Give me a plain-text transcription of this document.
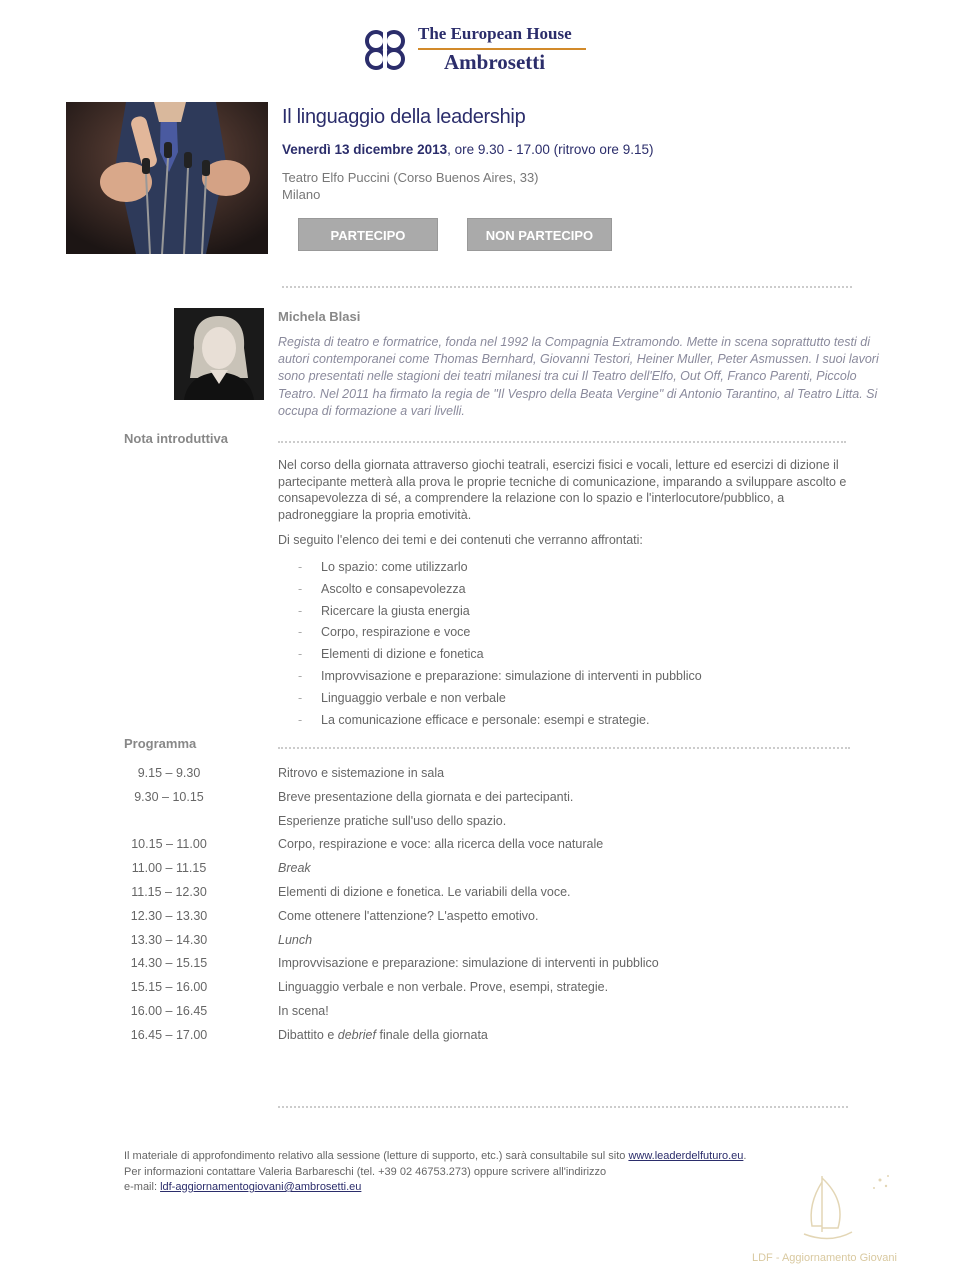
The European House
Ambrosetti
Il linguaggio della leadership
Venerdì 13 dicembre 2013, ore 9.30 - 17.00 (ritrovo ore 9.15)
Teatro Elfo Puccini (Corso Buenos Aires, 33)
Milano
PARTECIPO	NON PARTECIPO
Michela Blasi
Regista di teatro e formatrice, fonda nel 1992 la Compagnia Extramondo. Mette in scena soprattutto testi di autori contemporanei come Thomas Bernhard, Giovanni Testori, Heiner Muller, Peter Asmussen. I suoi lavori sono presentati nelle stagioni dei teatri milanesi tra cui Il Teatro dell'Elfo, Out Off, Franco Parenti, Piccolo Teatro. Nel 2011 ha firmato la regia de "Il Vespro della Beata Vergine" di Antonio Tarantino, al Teatro Litta. Si occupa di formazione a vari livelli.
Nota introduttiva
Nel corso della giornata attraverso giochi teatrali, esercizi fisici e vocali, letture ed esercizi di dizione il partecipante metterà alla prova le proprie tecniche di comunicazione, imparando a sviluppare ascolto e consapevolezza di sé, a comprendere la relazione con lo spazio e l'interlocutore/pubblico, a padroneggiare la propria emotività.
Di seguito l'elenco dei temi e dei contenuti che verranno affrontati:
- Lo spazio: come utilizzarlo
- Ascolto e consapevolezza
- Ricercare la giusta energia
- Corpo, respirazione e voce
- Elementi di dizione e fonetica
- Improvvisazione e preparazione: simulazione di interventi in pubblico
- Linguaggio verbale e non verbale
- La comunicazione efficace e personale: esempi e strategie.
Programma
9.15 – 9.30	Ritrovo e sistemazione in sala
9.30 – 10.15	Breve presentazione della giornata e dei partecipanti.
Esperienze pratiche sull'uso dello spazio.
10.15 – 11.00	Corpo, respirazione e voce: alla ricerca della voce naturale
11.00 – 11.15	Break
11.15 – 12.30	Elementi di dizione e fonetica. Le variabili della voce.
12.30 – 13.30	Come ottenere l'attenzione? L'aspetto emotivo.
13.30 – 14.30	Lunch
14.30 – 15.15	Improvvisazione e preparazione: simulazione di interventi in pubblico
15.15 – 16.00	Linguaggio verbale e non verbale. Prove, esempi, strategie.
16.00 – 16.45	In scena!
16.45 – 17.00	Dibattito e debrief finale della giornata
Il materiale di approfondimento relativo alla sessione (letture di supporto, etc.) sarà consultabile sul sito www.leaderdelfuturo.eu.
Per informazioni contattare Valeria Barbareschi (tel. +39 02 46753.273) oppure scrivere all'indirizzo
e-mail: ldf-aggiornamentogiovani@ambrosetti.eu
LDF - Aggiornamento Giovani
